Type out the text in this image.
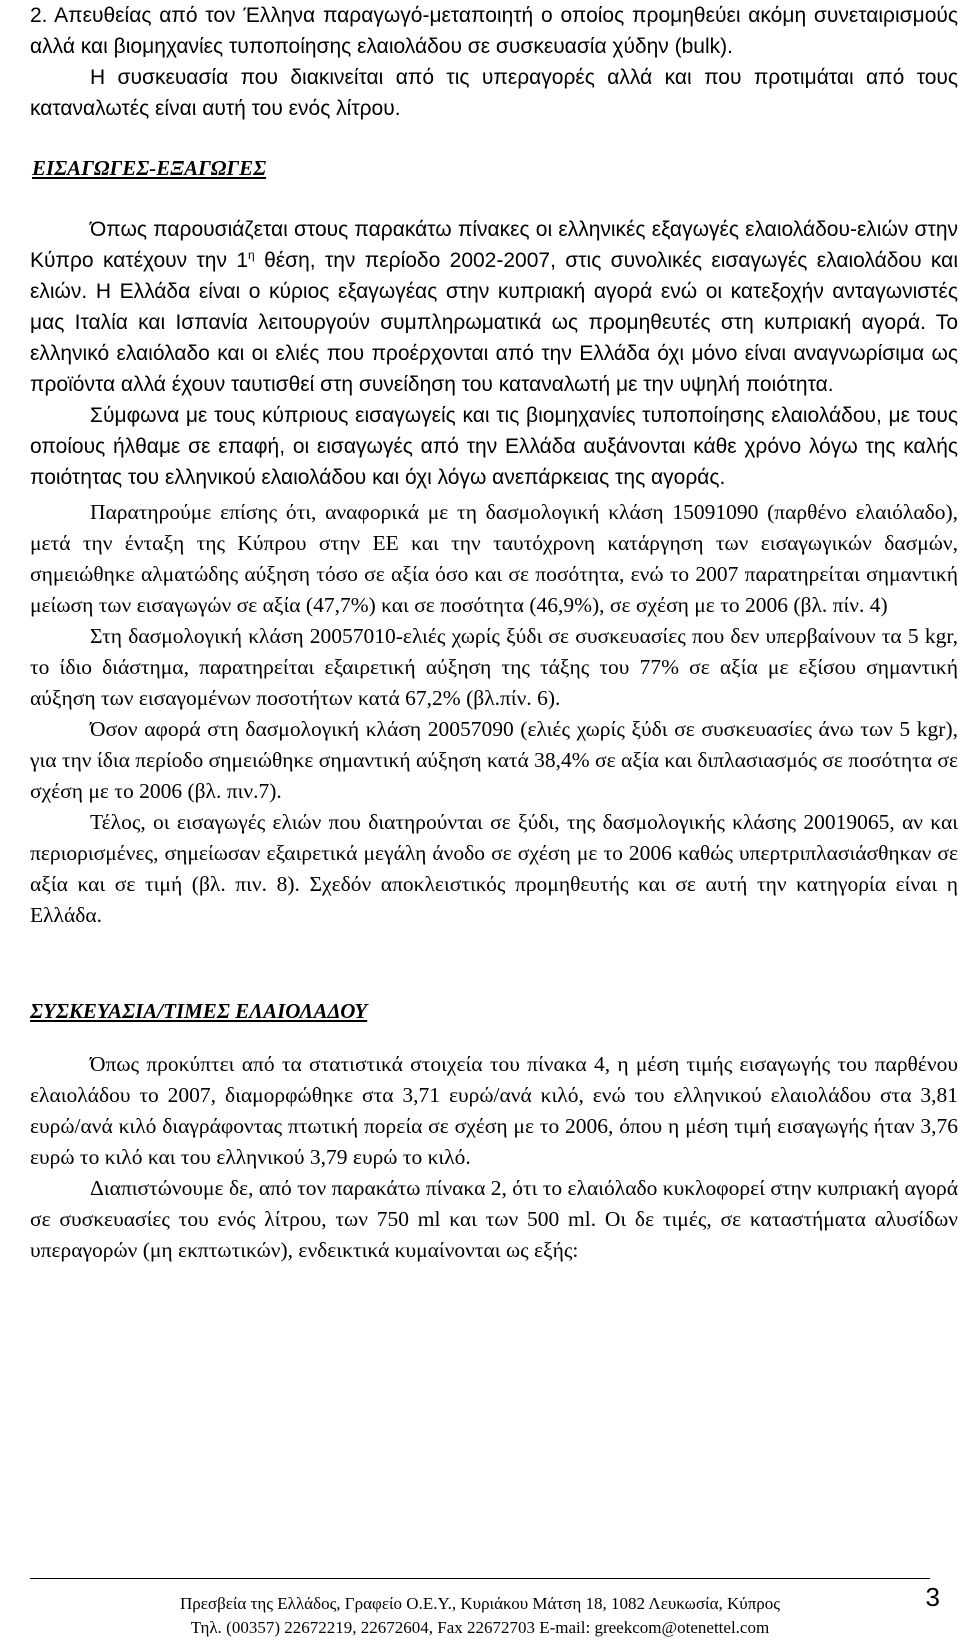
2. Απευθείας από τον Έλληνα παραγωγό-μεταποιητή ο οποίος προμηθεύει ακόμη συνεταιρισμούς αλλά και βιομηχανίες τυποποίησης ελαιολάδου σε συσκευασία χύδην (bulk).

Η συσκευασία που διακινείται από τις υπεραγορές αλλά και που προτιμάται από τους καταναλωτές είναι αυτή του ενός λίτρου.

ΕΙΣΑΓΩΓΕΣ-ΕΞΑΓΩΓΕΣ

Όπως παρουσιάζεται στους παρακάτω πίνακες οι ελληνικές εξαγωγές ελαιολάδου-ελιών στην Κύπρο κατέχουν την $1^\eta$ θέση, την περίοδο 2002-2007, στις συνολικές εισαγωγές ελαιολάδου και ελιών. Η Ελλάδα είναι ο κύριος εξαγωγέας στην κυπριακή αγορά ενώ οι κατεξοχήν ανταγωνιστές μας Ιταλία και Ισπανία λειτουργούν συμπληρωματικά ως προμηθευτές στη κυπριακή αγορά. Το ελληνικό ελαιόλαδο και οι ελιές που προέρχονται από την Ελλάδα όχι μόνο είναι αναγνωρίσιμα ως προϊόντα αλλά έχουν ταυτισθεί στη συνείδηση του καταναλωτή με την υψηλή ποιότητα.

Σύμφωνα με τους κύπριους εισαγωγείς και τις βιομηχανίες τυποποίησης ελαιολάδου, με τους οποίους ήλθαμε σε επαφή, οι εισαγωγές από την Ελλάδα αυξάνονται κάθε χρόνο λόγω της καλής ποιότητας του ελληνικού ελαιολάδου και όχι λόγω ανεπάρκειας της αγοράς.

Παρατηρούμε επίσης ότι, αναφορικά με τη δασμολογική κλάση 15091090 (παρθένο ελαιόλαδο), μετά την ένταξη της Κύπρου στην ΕΕ και την ταυτόχρονη κατάργηση των εισαγωγικών δασμών, σημειώθηκε αλματώδης αύξηση τόσο σε αξία όσο και σε ποσότητα, ενώ το 2007 παρατηρείται σημαντική μείωση των εισαγωγών σε αξία (47,7%) και σε ποσότητα (46,9%), σε σχέση με το 2006 (βλ. πίν. 4)

Στη δασμολογική κλάση 20057010-ελιές χωρίς ξύδι σε συσκευασίες που δεν υπερβαίνουν τα 5 kgr, το ίδιο διάστημα, παρατηρείται εξαιρετική αύξηση της τάξης του 77% σε αξία με εξίσου σημαντική αύξηση των εισαγομένων ποσοτήτων κατά 67,2% (βλ.πίν. 6).

Όσον αφορά στη δασμολογική κλάση 20057090 (ελιές χωρίς ξύδι σε συσκευασίες άνω των 5 kgr), για την ίδια περίοδο σημειώθηκε σημαντική αύξηση κατά 38,4% σε αξία και διπλασιασμός σε ποσότητα σε σχέση με το 2006 (βλ. πιν.7).

Τέλος, οι εισαγωγές ελιών που διατηρούνται σε ξύδι, της δασμολογικής κλάσης 20019065, αν και περιορισμένες, σημείωσαν εξαιρετικά μεγάλη άνοδο σε σχέση με το 2006 καθώς υπερτριπλασιάσθηκαν σε αξία και σε τιμή (βλ. πιν. 8). Σχεδόν αποκλειστικός προμηθευτής και σε αυτή την κατηγορία είναι η Ελλάδα.

ΣΥΣΚΕΥΑΣΙΑ/ΤΙΜΕΣ ΕΛΑΙΟΛΑΔΟΥ

Όπως προκύπτει από τα στατιστικά στοιχεία του πίνακα 4, η μέση τιμής εισαγωγής του παρθένου ελαιολάδου το 2007, διαμορφώθηκε στα 3,71 ευρώ/ανά κιλό, ενώ του ελληνικού ελαιολάδου στα 3,81 ευρώ/ανά κιλό διαγράφοντας πτωτική πορεία σε σχέση με το 2006, όπου η μέση τιμή εισαγωγής ήταν 3,76 ευρώ το κιλό και του ελληνικού 3,79 ευρώ το κιλό.

Διαπιστώνουμε δε, από τον παρακάτω πίνακα 2, ότι το ελαιόλαδο κυκλοφορεί στην κυπριακή αγορά σε συσκευασίες του ενός λίτρου, των 750 ml και των 500 ml. Οι δε τιμές, σε καταστήματα αλυσίδων υπεραγορών (μη εκπτωτικών), ενδεικτικά κυμαίνονται ως εξής:

Πρεσβεία της Ελλάδος, Γραφείο Ο.Ε.Υ., Κυριάκου Μάτση 18, 1082 Λευκωσία, Κύπρος
Τηλ. (00357) 22672219, 22672604, Fax 22672703 E-mail: greekcom@otenettel.com
3
